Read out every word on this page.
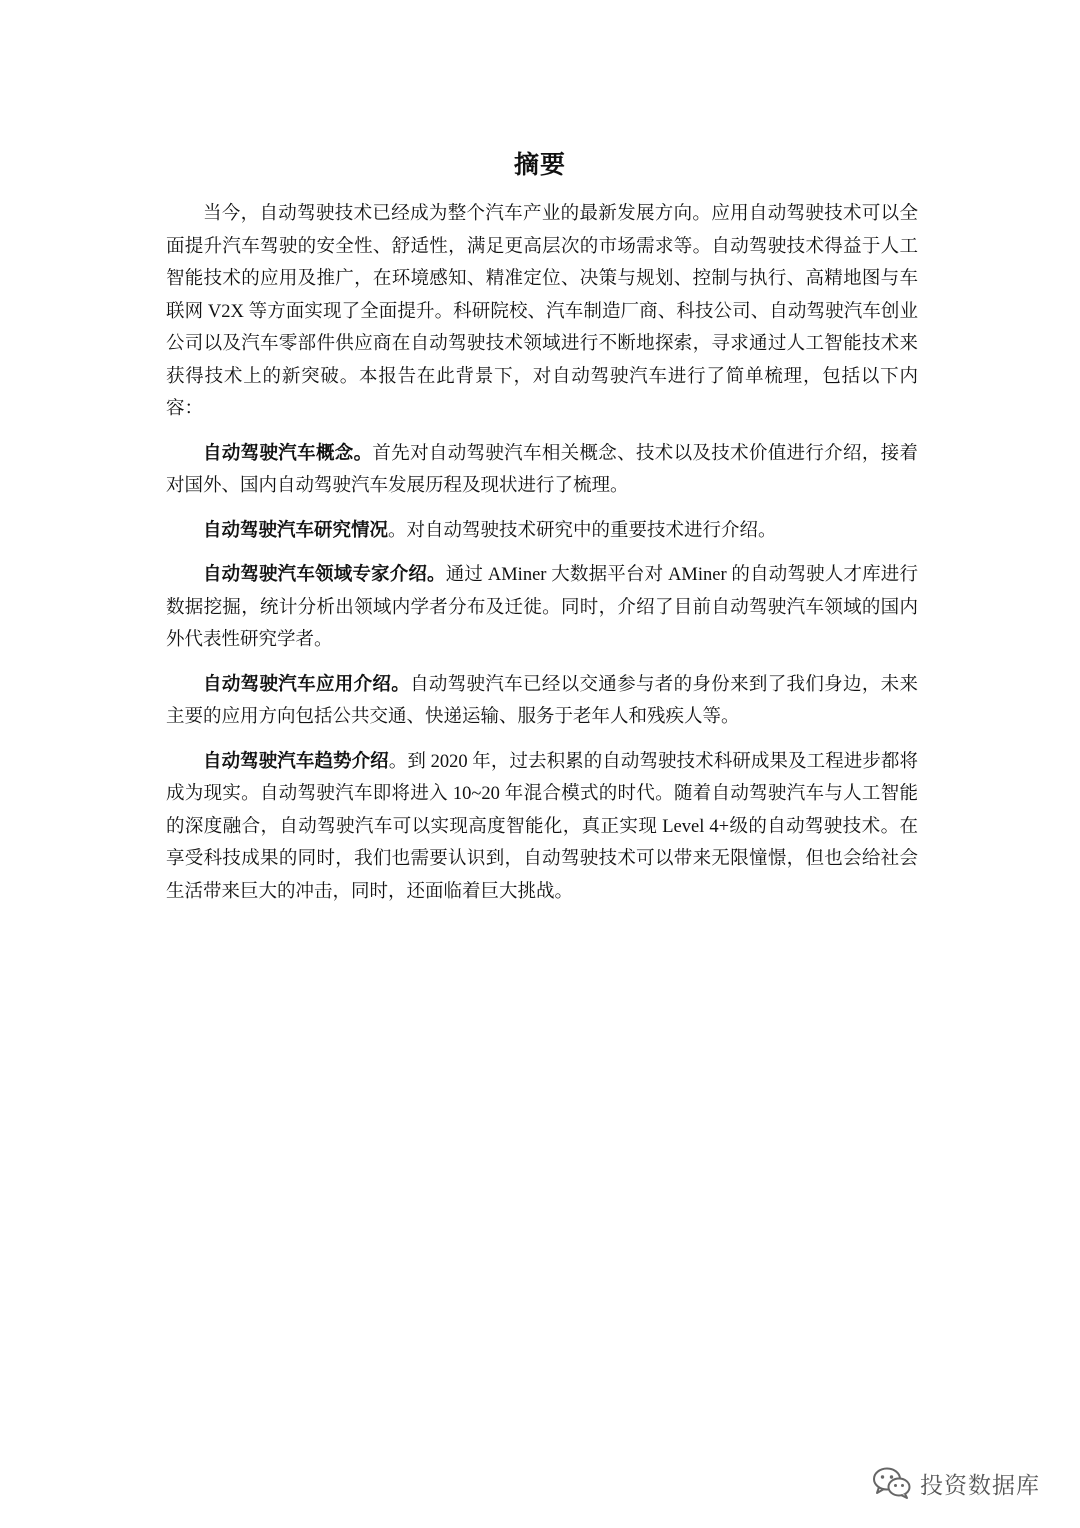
摘要

当今，自动驾驶技术已经成为整个汽车产业的最新发展方向。应用自动驾驶技术可以全面提升汽车驾驶的安全性、舒适性，满足更高层次的市场需求等。自动驾驶技术得益于人工智能技术的应用及推广，在环境感知、精准定位、决策与规划、控制与执行、高精地图与车联网 V2X 等方面实现了全面提升。科研院校、汽车制造厂商、科技公司、自动驾驶汽车创业公司以及汽车零部件供应商在自动驾驶技术领域进行不断地探索，寻求通过人工智能技术来获得技术上的新突破。本报告在此背景下，对自动驾驶汽车进行了简单梳理，包括以下内容：

自动驾驶汽车概念。首先对自动驾驶汽车相关概念、技术以及技术价值进行介绍，接着对国外、国内自动驾驶汽车发展历程及现状进行了梳理。

自动驾驶汽车研究情况。对自动驾驶技术研究中的重要技术进行介绍。

自动驾驶汽车领域专家介绍。通过 AMiner 大数据平台对 AMiner 的自动驾驶人才库进行数据挖掘，统计分析出领域内学者分布及迁徙。同时，介绍了目前自动驾驶汽车领域的国内外代表性研究学者。

自动驾驶汽车应用介绍。自动驾驶汽车已经以交通参与者的身份来到了我们身边，未来主要的应用方向包括公共交通、快递运输、服务于老年人和残疾人等。

自动驾驶汽车趋势介绍。到 2020 年，过去积累的自动驾驶技术科研成果及工程进步都将成为现实。自动驾驶汽车即将进入 10~20 年混合模式的时代。随着自动驾驶汽车与人工智能的深度融合，自动驾驶汽车可以实现高度智能化，真正实现 Level 4+级的自动驾驶技术。在享受科技成果的同时，我们也需要认识到，自动驾驶技术可以带来无限憧憬，但也会给社会生活带来巨大的冲击，同时，还面临着巨大挑战。

投资数据库
